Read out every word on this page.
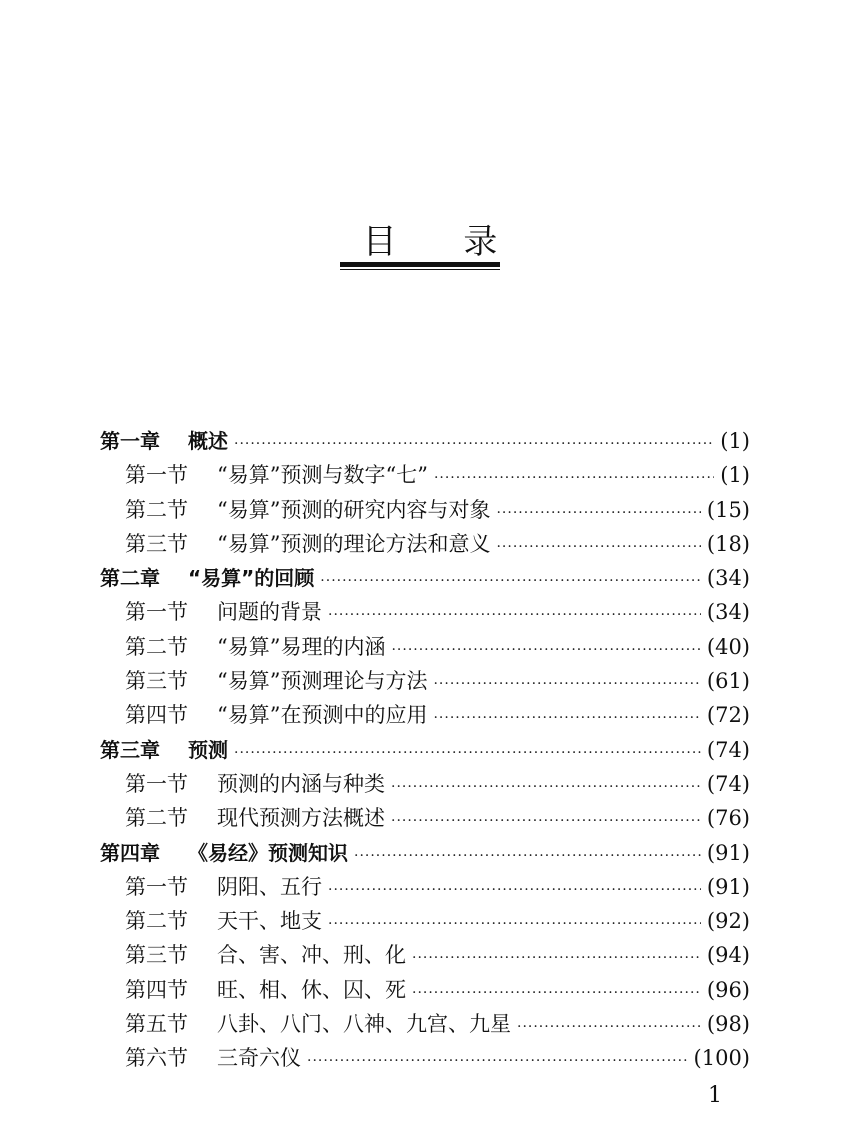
目 录
第一章	概述 ·····	(1)
第一节	“易算”预测与数字“七” ·····	(1)
第二节	“易算”预测的研究内容与对象 ·····	(15)
第三节	“易算”预测的理论方法和意义 ·····	(18)
第二章	“易算”的回顾 ·····	(34)
第一节	问题的背景 ·····	(34)
第二节	“易算”易理的内涵 ·····	(40)
第三节	“易算”预测理论与方法 ·····	(61)
第四节	“易算”在预测中的应用 ·····	(72)
第三章	预测 ·····	(74)
第一节	预测的内涵与种类 ·····	(74)
第二节	现代预测方法概述 ·····	(76)
第四章	《易经》预测知识 ·····	(91)
第一节	阴阳、五行 ·····	(91)
第二节	天干、地支 ·····	(92)
第三节	合、害、冲、刑、化 ·····	(94)
第四节	旺、相、休、囚、死 ·····	(96)
第五节	八卦、八门、八神、九宫、九星 ·····	(98)
第六节	三奇六仪 ·····	(100)
1
